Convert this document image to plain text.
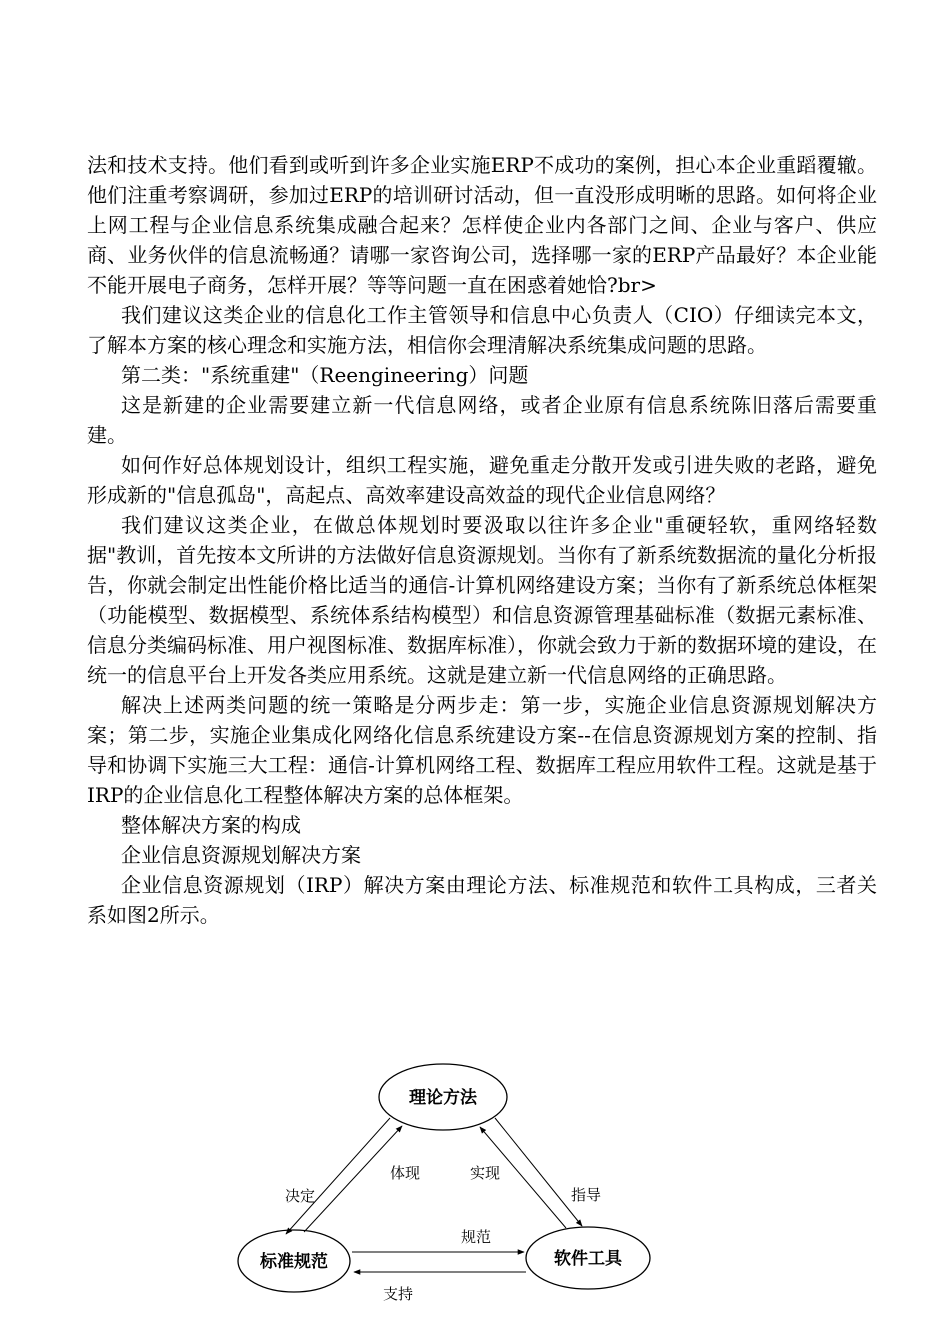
法和技术支持。他们看到或听到许多企业实施ERP不成功的案例，担心本企业重蹈覆辙。他们注重考察调研，参加过ERP的培训研讨活动，但一直没形成明晰的思路。如何将企业上网工程与企业信息系统集成融合起来？怎样使企业内各部门之间、企业与客户、供应商、业务伙伴的信息流畅通？请哪一家咨询公司，选择哪一家的ERP产品最好？本企业能不能开展电子商务，怎样开展？等等问题一直在困惑着她恰?br>

我们建议这类企业的信息化工作主管领导和信息中心负责人（CIO）仔细读完本文，了解本方案的核心理念和实施方法，相信你会理清解决系统集成问题的思路。

第二类："系统重建"（Reengineering）问题

这是新建的企业需要建立新一代信息网络，或者企业原有信息系统陈旧落后需要重建。

如何作好总体规划设计，组织工程实施，避免重走分散开发或引进失败的老路，避免形成新的"信息孤岛"，高起点、高效率建设高效益的现代企业信息网络？

我们建议这类企业，在做总体规划时要汲取以往许多企业"重硬轻软，重网络轻数据"教训，首先按本文所讲的方法做好信息资源规划。当你有了新系统数据流的量化分析报告，你就会制定出性能价格比适当的通信-计算机网络建设方案；当你有了新系统总体框架（功能模型、数据模型、系统体系结构模型）和信息资源管理基础标准（数据元素标准、信息分类编码标准、用户视图标准、数据库标准），你就会致力于新的数据环境的建设，在统一的信息平台上开发各类应用系统。这就是建立新一代信息网络的正确思路。

解决上述两类问题的统一策略是分两步走：第一步，实施企业信息资源规划解决方案；第二步，实施企业集成化网络化信息系统建设方案--在信息资源规划方案的控制、指导和协调下实施三大工程：通信-计算机网络工程、数据库工程应用软件工程。这就是基于IRP的企业信息化工程整体解决方案的总体框架。

整体解决方案的构成

企业信息资源规划解决方案

企业信息资源规划（IRP）解决方案由理论方法、标准规范和软件工具构成，三者关系如图2所示。

理论方法
标准规范	软件工具
决定
体现	实现
指导
规范
支持
